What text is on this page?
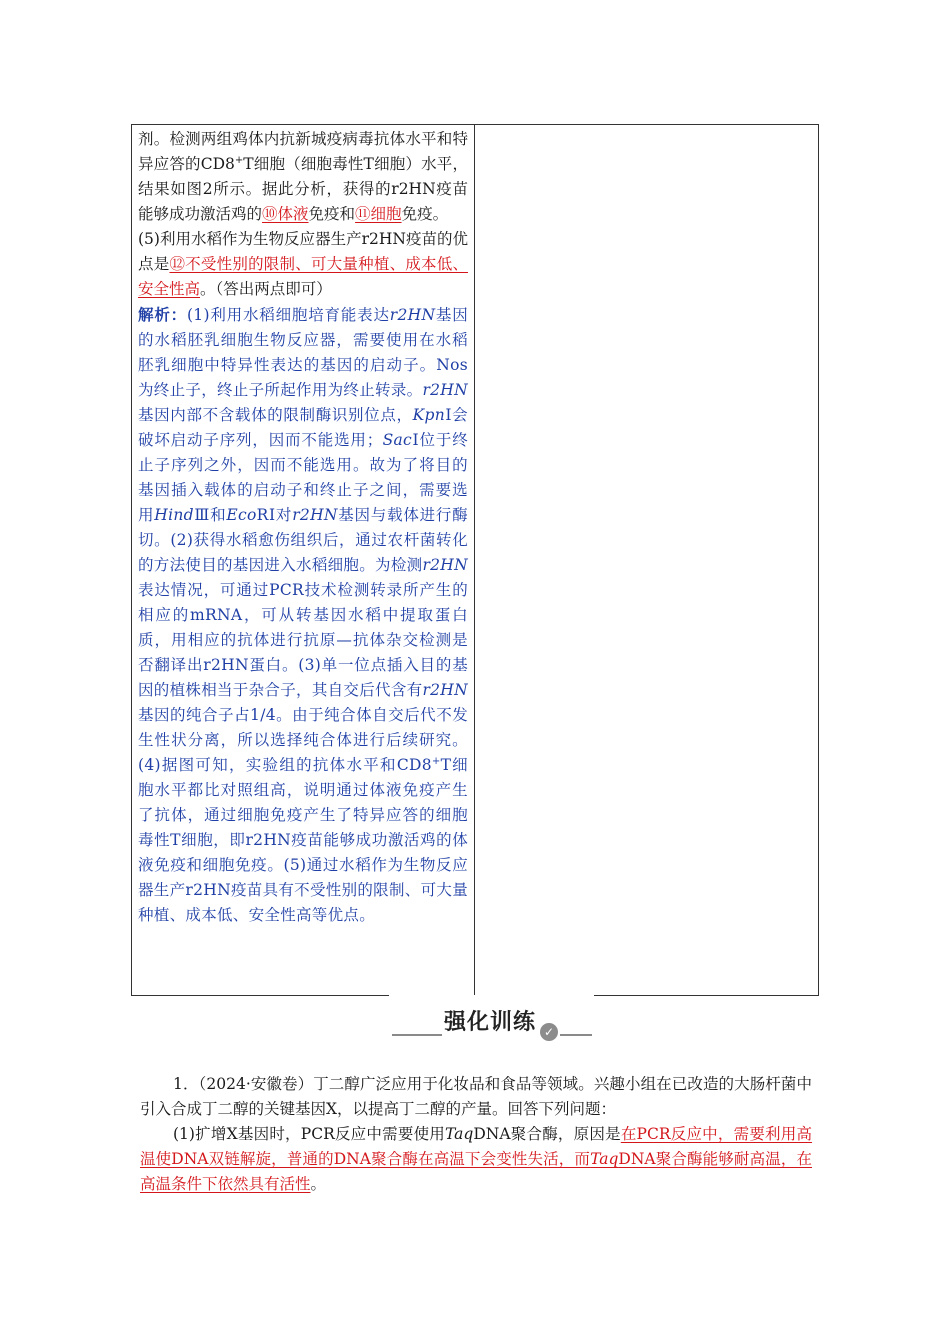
剂。检测两组鸡体内抗新城疫病毒抗体水平和特异应答的CD8+T细胞（细胞毒性T细胞）水平，结果如图2所示。据此分析，获得的r2HN疫苗能够成功激活鸡的⑩体液免疫和⑪细胞免疫。

(5)利用水稻作为生物反应器生产r2HN疫苗的优点是⑫不受性别的限制、可大量种植、成本低、安全性高。（答出两点即可）

解析：(1)利用水稻细胞培育能表达r2HN基因的水稻胚乳细胞生物反应器，需要使用在水稻胚乳细胞中特异性表达的基因的启动子。Nos为终止子，终止子所起作用为终止转录。r2HN基因内部不含载体的限制酶识别位点，KpnⅠ会破坏启动子序列，因而不能选用；SacⅠ位于终止子序列之外，因而不能选用。故为了将目的基因插入载体的启动子和终止子之间，需要选用HindⅢ和EcoRⅠ对r2HN基因与载体进行酶切。(2)获得水稻愈伤组织后，通过农杆菌转化的方法使目的基因进入水稻细胞。为检测r2HN表达情况，可通过PCR技术检测转录所产生的相应的mRNA，可从转基因水稻中提取蛋白质，用相应的抗体进行抗原—抗体杂交检测是否翻译出r2HN蛋白。(3)单一位点插入目的基因的植株相当于杂合子，其自交后代含有r2HN基因的纯合子占1/4。由于纯合体自交后代不发生性状分离，所以选择纯合体进行后续研究。(4)据图可知，实验组的抗体水平和CD8+T细胞水平都比对照组高，说明通过体液免疫产生了抗体，通过细胞免疫产生了特异应答的细胞毒性T细胞，即r2HN疫苗能够成功激活鸡的体液免疫和细胞免疫。(5)通过水稻作为生物反应器生产r2HN疫苗具有不受性别的限制、可大量种植、成本低、安全性高等优点。

强化训练 ✓

1．（2024·安徽卷）丁二醇广泛应用于化妆品和食品等领域。兴趣小组在已改造的大肠杆菌中引入合成丁二醇的关键基因X，以提高丁二醇的产量。回答下列问题：

(1)扩增X基因时，PCR反应中需要使用TaqDNA聚合酶，原因是在PCR反应中，需要利用高温使DNA双链解旋，普通的DNA聚合酶在高温下会变性失活，而TaqDNA聚合酶能够耐高温，在高温条件下依然具有活性。
